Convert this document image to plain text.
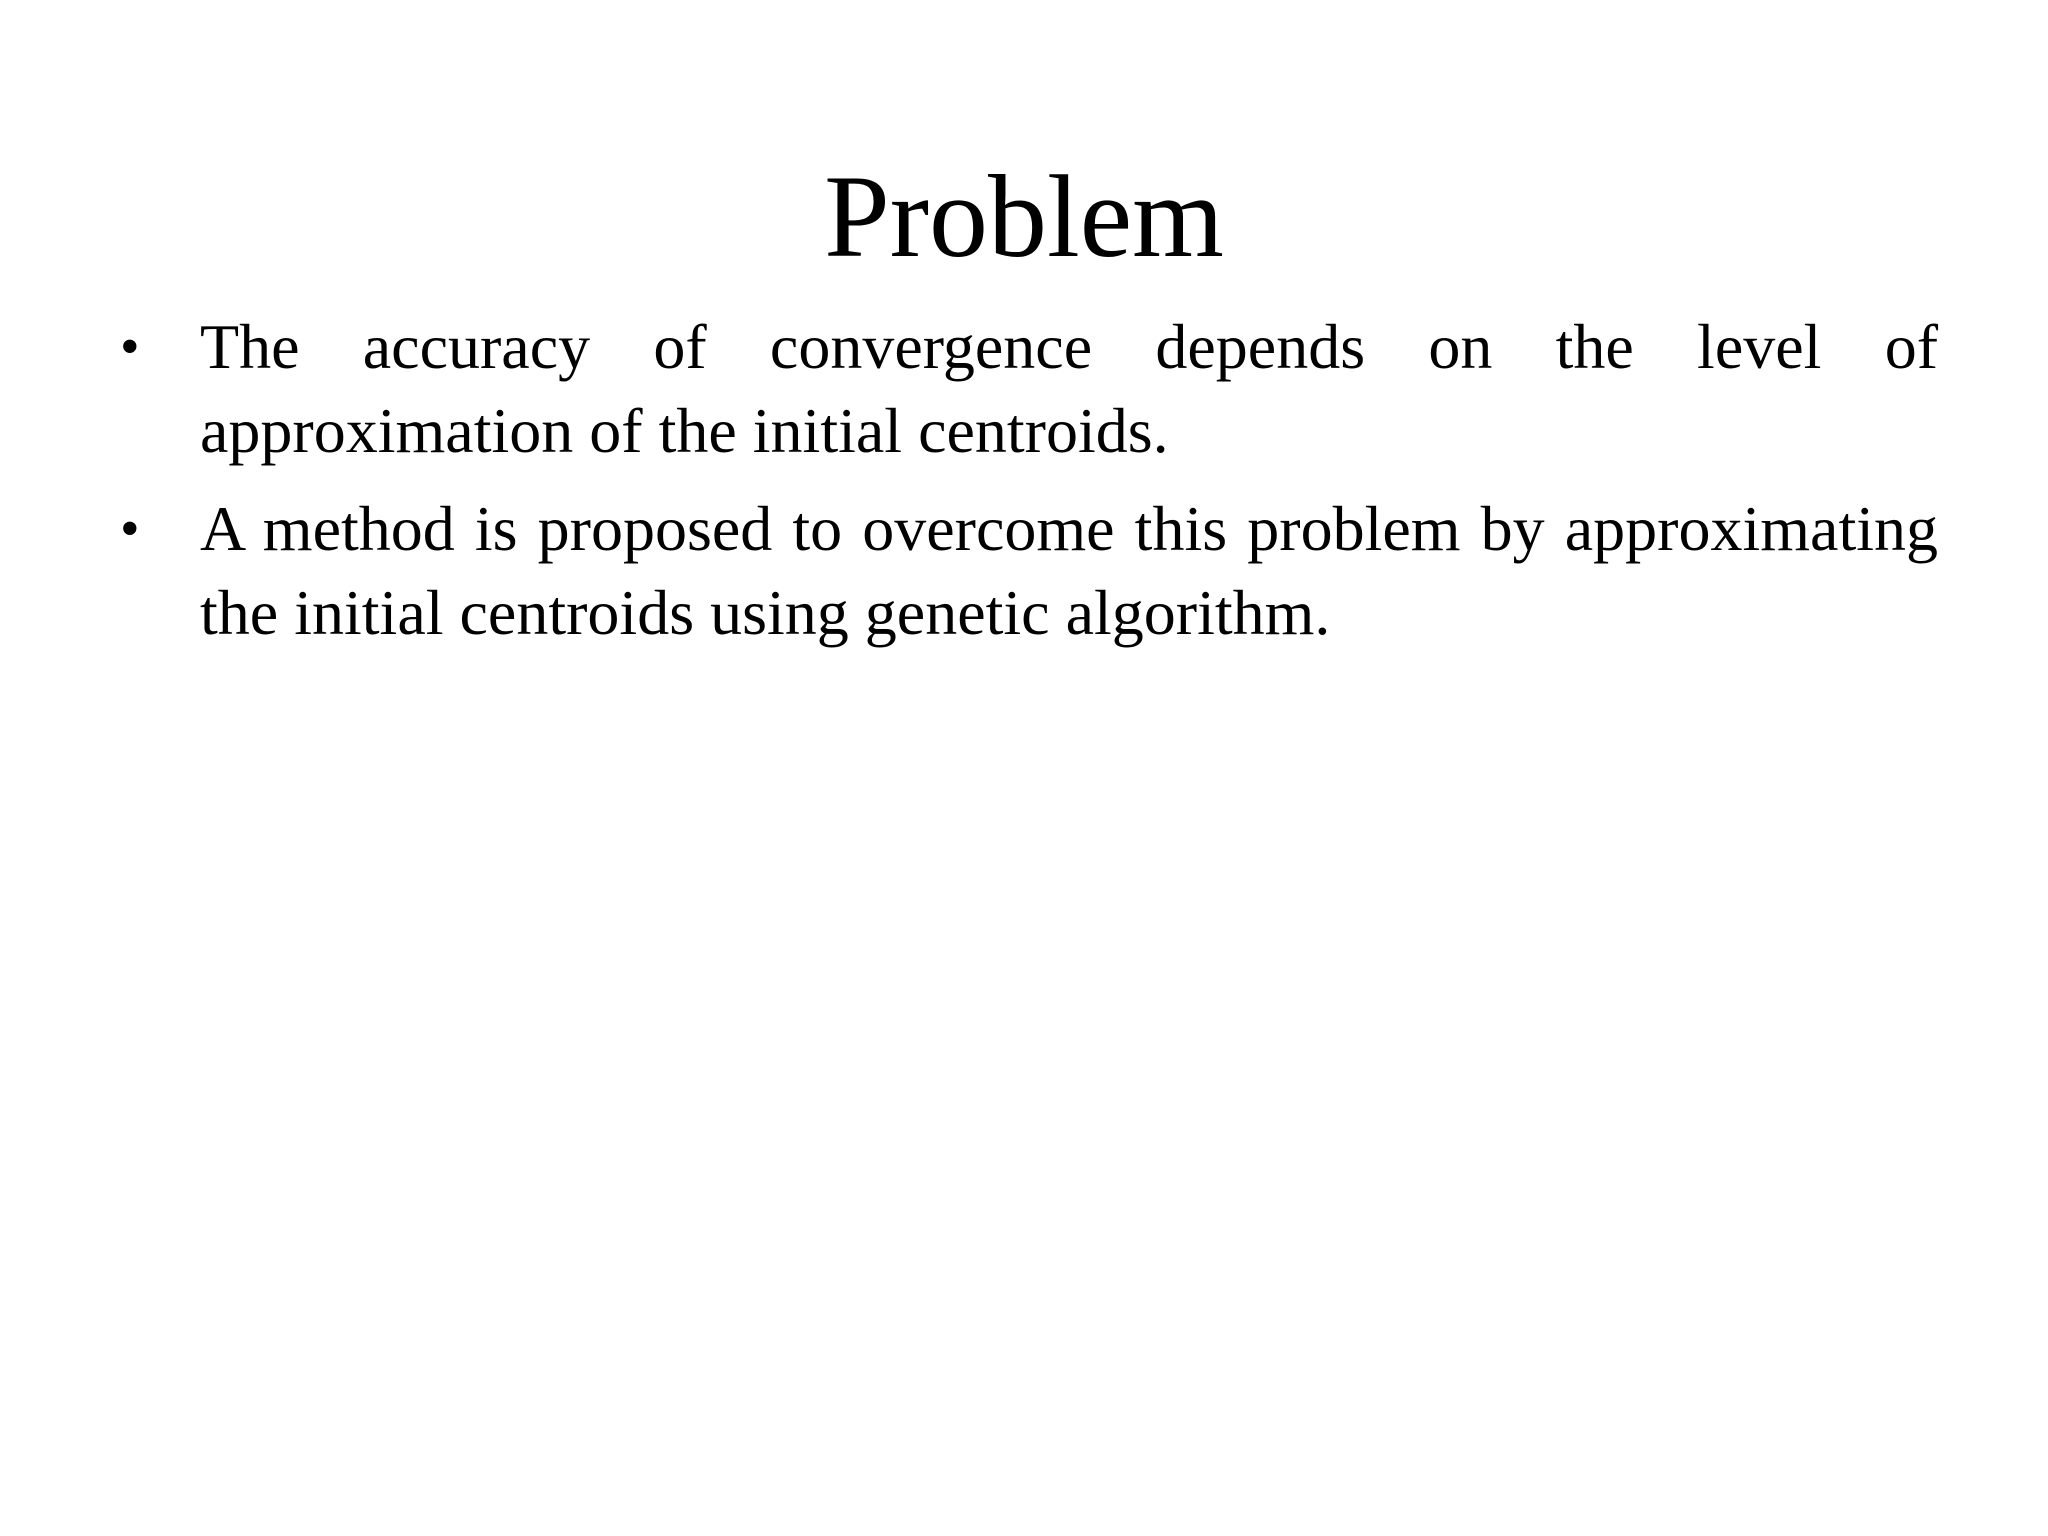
Problem
• The accuracy of convergence depends on the level of approximation of the initial centroids.
• A method is proposed to overcome this problem by approximating the initial centroids using genetic algorithm.
